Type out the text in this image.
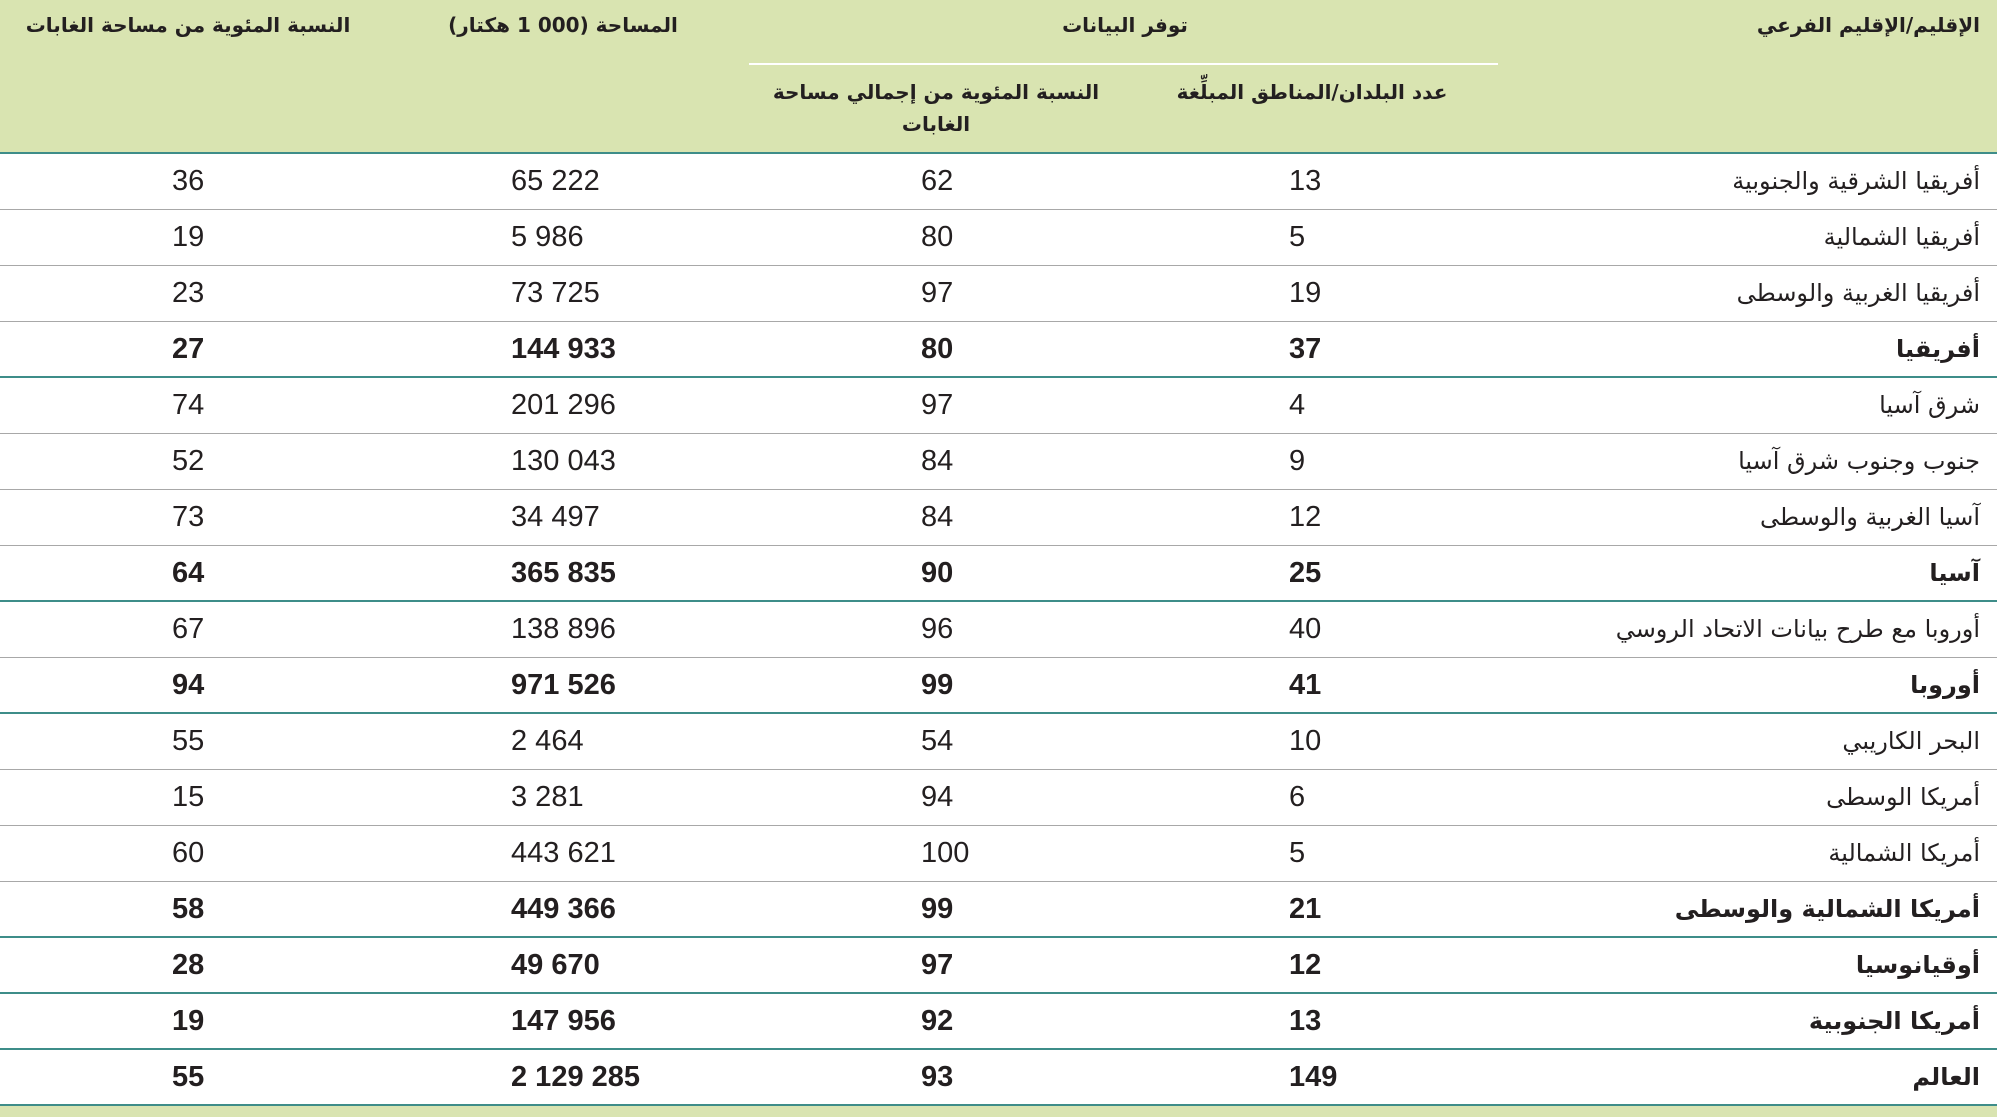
الإقليم/الإقليم الفرعي
توفر البيانات
عدد البلدان/المناطق المبلِّغة
النسبة المئوية من إجمالي مساحة الغابات
المساحة (000 1 هكتار)
النسبة المئوية من مساحة الغابات
أفريقيا الشرقية والجنوبية
13
62
65 222
36
أفريقيا الشمالية
5
80
5 986
19
أفريقيا الغربية والوسطى
19
97
73 725
23
أفريقيا
37
80
144 933
27
شرق آسيا
4
97
201 296
74
جنوب وجنوب شرق آسيا
9
84
130 043
52
آسيا الغربية والوسطى
12
84
34 497
73
آسيا
25
90
365 835
64
أوروبا مع طرح بيانات الاتحاد الروسي
40
96
138 896
67
أوروبا
41
99
971 526
94
البحر الكاريبي
10
54
2 464
55
أمريكا الوسطى
6
94
3 281
15
أمريكا الشمالية
5
100
443 621
60
أمريكا الشمالية والوسطى
21
99
449 366
58
أوقيانوسيا
12
97
49 670
28
أمريكا الجنوبية
13
92
147 956
19
العالم
149
93
2 129 285
55
